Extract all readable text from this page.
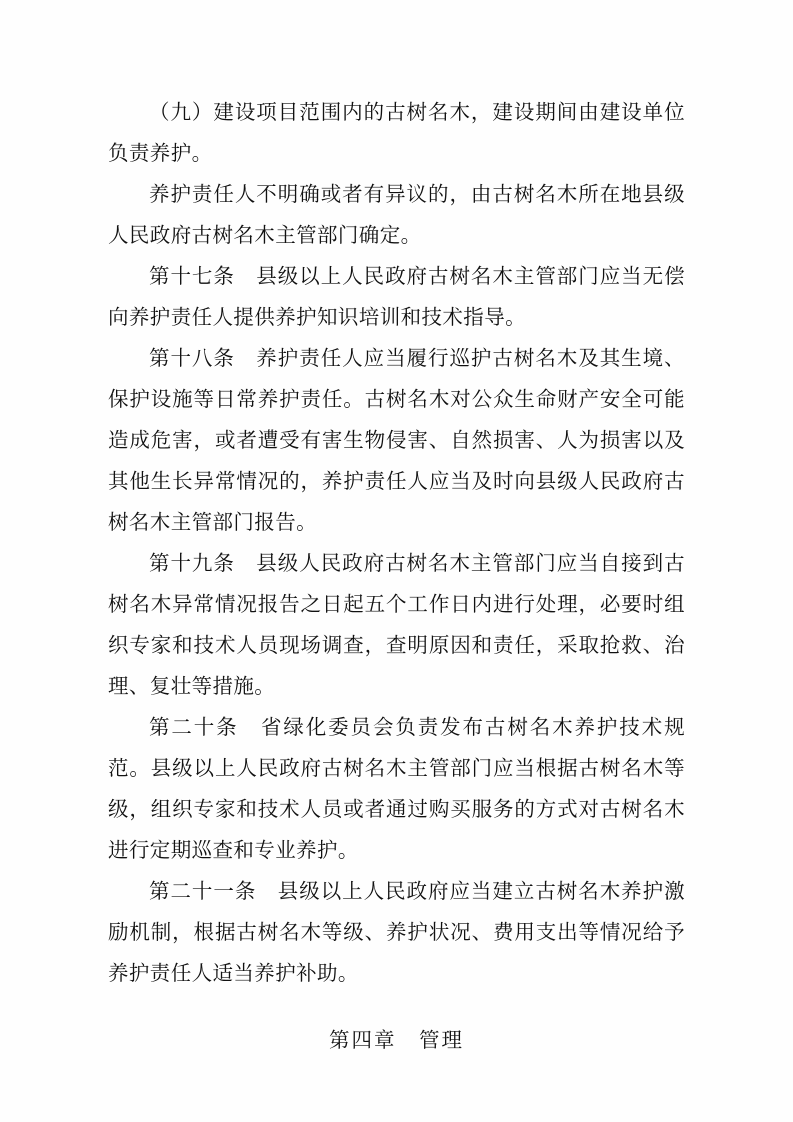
（九）建设项目范围内的古树名木，建设期间由建设单位负责养护。

养护责任人不明确或者有异议的，由古树名木所在地县级人民政府古树名木主管部门确定。

第十七条　县级以上人民政府古树名木主管部门应当无偿向养护责任人提供养护知识培训和技术指导。

第十八条　养护责任人应当履行巡护古树名木及其生境、保护设施等日常养护责任。古树名木对公众生命财产安全可能造成危害，或者遭受有害生物侵害、自然损害、人为损害以及其他生长异常情况的，养护责任人应当及时向县级人民政府古树名木主管部门报告。

第十九条　县级人民政府古树名木主管部门应当自接到古树名木异常情况报告之日起五个工作日内进行处理，必要时组织专家和技术人员现场调查，查明原因和责任，采取抢救、治理、复壮等措施。

第二十条　省绿化委员会负责发布古树名木养护技术规范。县级以上人民政府古树名木主管部门应当根据古树名木等级，组织专家和技术人员或者通过购买服务的方式对古树名木进行定期巡查和专业养护。

第二十一条　县级以上人民政府应当建立古树名木养护激励机制，根据古树名木等级、养护状况、费用支出等情况给予养护责任人适当养护补助。

第四章　管理
